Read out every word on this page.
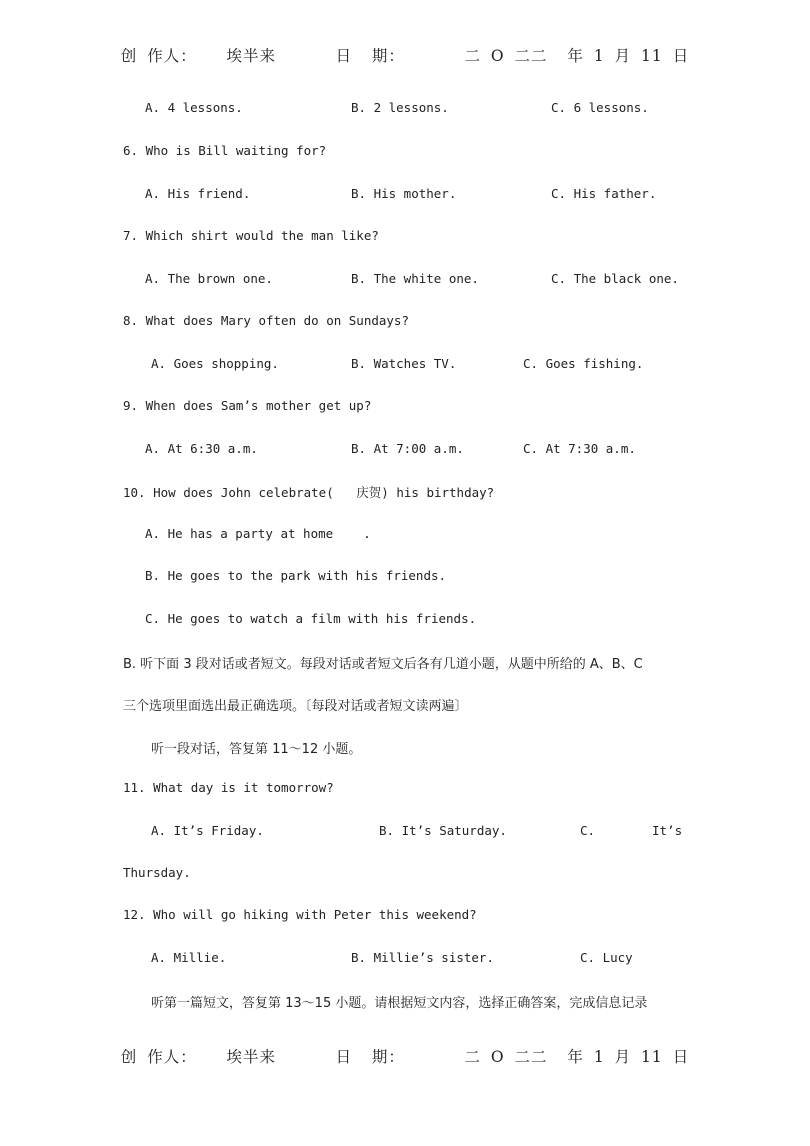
创 作人：   埃半来      日  期：      二 O 二二  年 1 月 11 日
A. 4 lessons.	B. 2 lessons.	C. 6 lessons.
6. Who is Bill waiting for?
A. His friend.	B. His mother.	C. His father.
7. Which shirt would the man like?
A. The brown one.	B. The white one.	C. The black one.
8. What does Mary often do on Sundays?
A. Goes shopping.	B. Watches TV.	C. Goes fishing.
9. When does Sam’s mother get up?
A. At 6:30 a.m.	B. At 7:00 a.m.	C. At 7:30 a.m.
10. How does John celebrate(   庆贺) his birthday?
A. He has a party at home    .
B. He goes to the park with his friends.
C. He goes to watch a film with his friends.
B. 听下面 3 段对话或者短文。每段对话或者短文后各有几道小题，从题中所给的 A、B、C
三个选项里面选出最正确选项。〔每段对话或者短文读两遍〕
听一段对话，答复第 11～12 小题。
11. What day is it tomorrow?
A. It’s Friday.	B. It’s Saturday.	C.	It’s
Thursday.
12. Who will go hiking with Peter this weekend?
A. Millie.	B. Millie’s sister.	C. Lucy
听第一篇短文，答复第 13～15 小题。请根据短文内容，选择正确答案，完成信息记录
创 作人：   埃半来      日  期：      二 O 二二  年 1 月 11 日
